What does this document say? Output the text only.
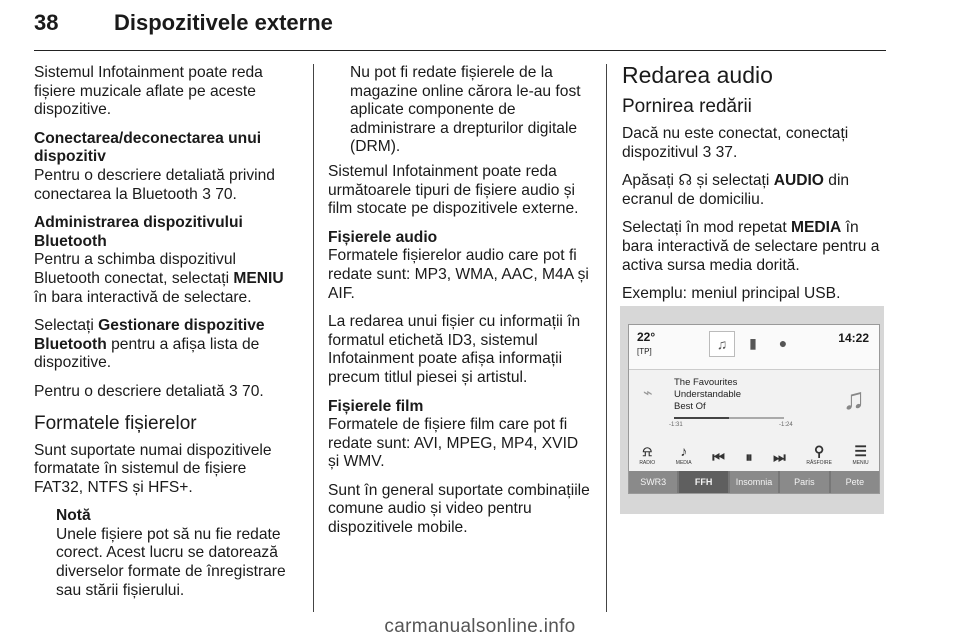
38	Dispozitivele externe

Sistemul Infotainment poate reda fișiere muzicale aflate pe aceste dispozitive.

Conectarea/deconectarea unui dispozitiv

Pentru o descriere detaliată privind conectarea la Bluetooth 3 70.

Administrarea dispozitivului Bluetooth

Pentru a schimba dispozitivul Bluetooth conectat, selectați MENIU în bara interactivă de selectare.

Selectați Gestionare dispozitive Bluetooth pentru a afișa lista de dispozitive.

Pentru o descriere detaliată 3 70.

Formatele fișierelor

Sunt suportate numai dispozitivele formatate în sistemul de fișiere FAT32, NTFS și HFS+.

Notă
Unele fișiere pot să nu fie redate corect. Acest lucru se datorează diverselor formate de înregistrare sau stării fișierului.

Nu pot fi redate fișierele de la magazine online cărora le-au fost aplicate componente de administrare a drepturilor digitale (DRM).

Sistemul Infotainment poate reda următoarele tipuri de fișiere audio și film stocate pe dispozitivele externe.

Fișierele audio

Formatele fișierelor audio care pot fi redate sunt: MP3, WMA, AAC, M4A și AIF.

La redarea unui fișier cu informații în formatul etichetă ID3, sistemul Infotainment poate afișa informații precum titlul piesei și artistul.

Fișierele film

Formatele de fișiere film care pot fi redate sunt: AVI, MPEG, MP4, XVID și WMV.

Sunt în general suportate combinațiile comune audio și video pentru dispozitivele mobile.

Redarea audio
Pornirea redării

Dacă nu este conectat, conectați dispozitivul 3 37.

Apăsați ☊ și selectați AUDIO din ecranul de domiciliu.

Selectați în mod repetat MEDIA în bara interactivă de selectare pentru a activa sursa media dorită.

Exemplu: meniul principal USB.

22°
[TP]	♫	▮	●	14:22
⌁
The Favourites
Understandable
Best Of
-1:31	-1:24
♫
⍾
RADIO
♪
MEDIA ⏮ ⏸ ⏭	⚲
RĂSFOIRE
☰
MENIU
SWR3	FFH	Insomnia	Paris	Pete
carmanualsonline.info
